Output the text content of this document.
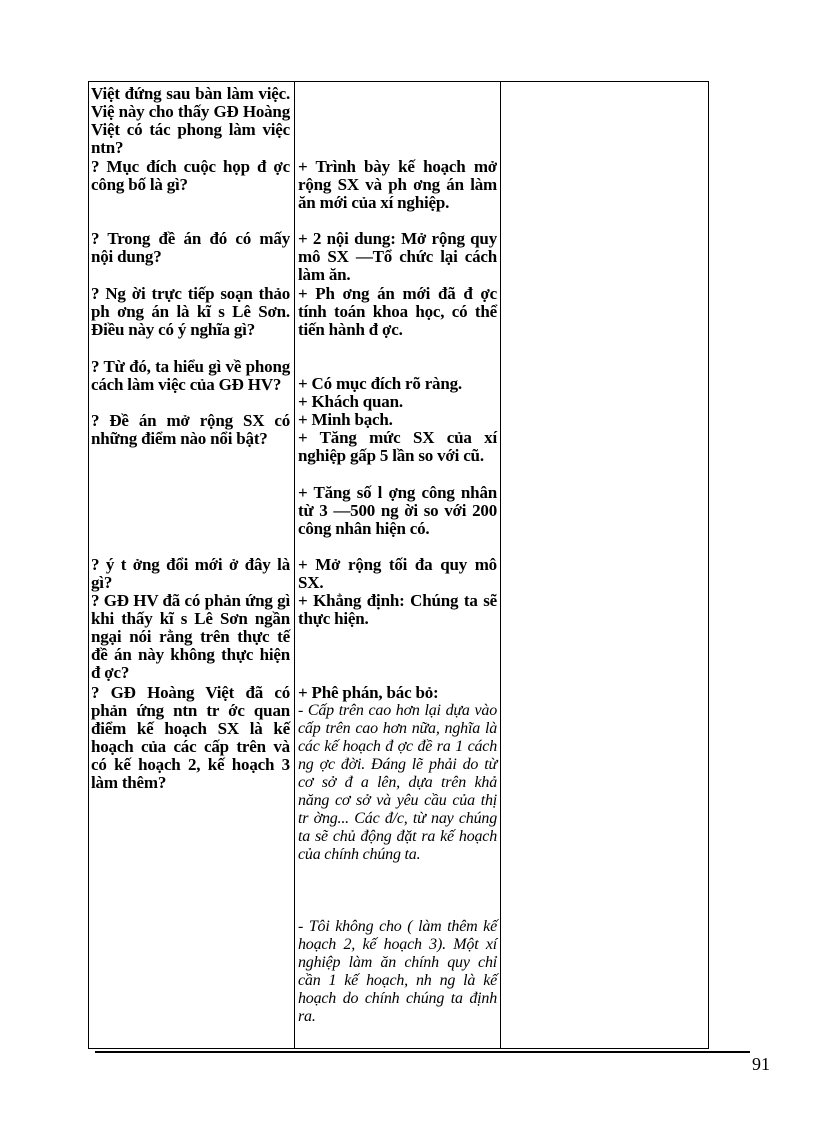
Việt đứng sau bàn làm việc. Việ này cho thấy GĐ Hoàng Việt có tác phong làm việc ntn?

? Mục đích cuộc họp đ ợc công bố là gì?

? Trong đề án đó có mấy nội dung?

? Ng ời trực tiếp soạn thảo ph ơng án là kĩ s Lê Sơn. Điều này có ý nghĩa gì?

? Từ đó, ta hiểu gì về phong cách làm việc của GĐ HV?

? Đề án mở rộng SX có những điểm nào nổi bật?

? ý t ởng đổi mới ở đây là gì?

? GĐ HV đã có phản ứng gì khi thấy kĩ s Lê Sơn ngần ngại nói rằng trên thực tế đề án này không thực hiện đ ợc?

? GĐ Hoàng Việt đã có phản ứng ntn tr ớc quan điểm kế hoạch SX là kế hoạch của các cấp trên và có kế hoạch 2, kế hoạch 3 làm thêm?

+ Trình bày kế hoạch mở rộng SX và ph ơng án làm ăn mới của xí nghiệp.

+ 2 nội dung: Mở rộng quy mô SX —Tổ chức lại cách làm ăn.

+ Ph ơng án mới đã đ ợc tính toán khoa học, có thể tiến hành đ ợc.

+ Có mục đích rõ ràng.

+ Khách quan.

+ Minh bạch.

+ Tăng mức SX của xí nghiệp gấp 5 lần so với cũ.

+ Tăng số l ợng công nhân từ 3 —500 ng ời so với 200 công nhân hiện có.

+ Mở rộng tối đa quy mô SX.

+ Khẳng định: Chúng ta sẽ thực hiện.

+ Phê phán, bác bỏ:

- Cấp trên cao hơn lại dựa vào cấp trên cao hơn nữa, nghĩa là các kế hoạch đ ợc đề ra 1 cách ng ợc đời. Đáng lẽ phải do từ cơ sở đ a lên, dựa trên khả năng cơ sở và yêu cầu của thị tr ờng... Các đ/c, từ nay chúng ta sẽ chủ động đặt ra kế hoạch của chính chúng ta.

- Tôi không cho ( làm thêm kế hoạch 2, kế hoạch 3). Một xí nghiệp làm ăn chính quy chỉ cần 1 kế hoạch, nh ng là kế hoạch do chính chúng ta định ra.

91
